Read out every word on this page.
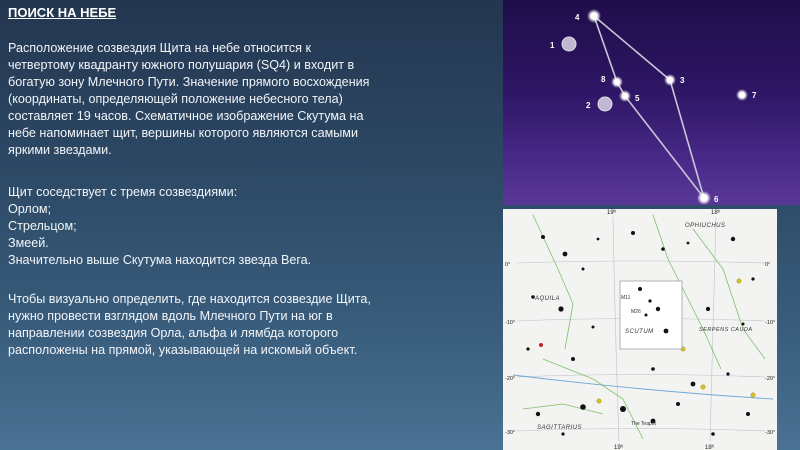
ПОИСК НА НЕБЕ
Расположение созвездия Щита на небе относится к
четвертому квадранту южного полушария (SQ4) и входит в
богатую зону Млечного Пути. Значение прямого восхождения
(координаты, определяющей положение небесного тела)
составляет 19 часов. Схематичное изображение Скутума на
небе напоминает щит, вершины которого являются самыми
яркими звездами.
Щит соседствует с тремя созвездиями:
Орлом;
Стрельцом;
Змеей.
Значительно выше Скутума находится звезда Вега.
Чтобы визуально определить, где находится созвездие Щита,
нужно провести взглядом вдоль Млечного Пути на юг в
направлении созвездия Орла, альфа и лямбда которого
расположены на прямой, указывающей на искомый объект.
4
1
8	3
2
5	7
6
19ʰ	18ʰ
19ʰ	18ʰ
0°
-10°
-20°
-30°
0°
-10°
-20°
-30°
AQUILA
OPHIUCHUS
SCUTUM	SERPENS CAUDA
SAGITTARIUS
M11
M26
The Teapot
